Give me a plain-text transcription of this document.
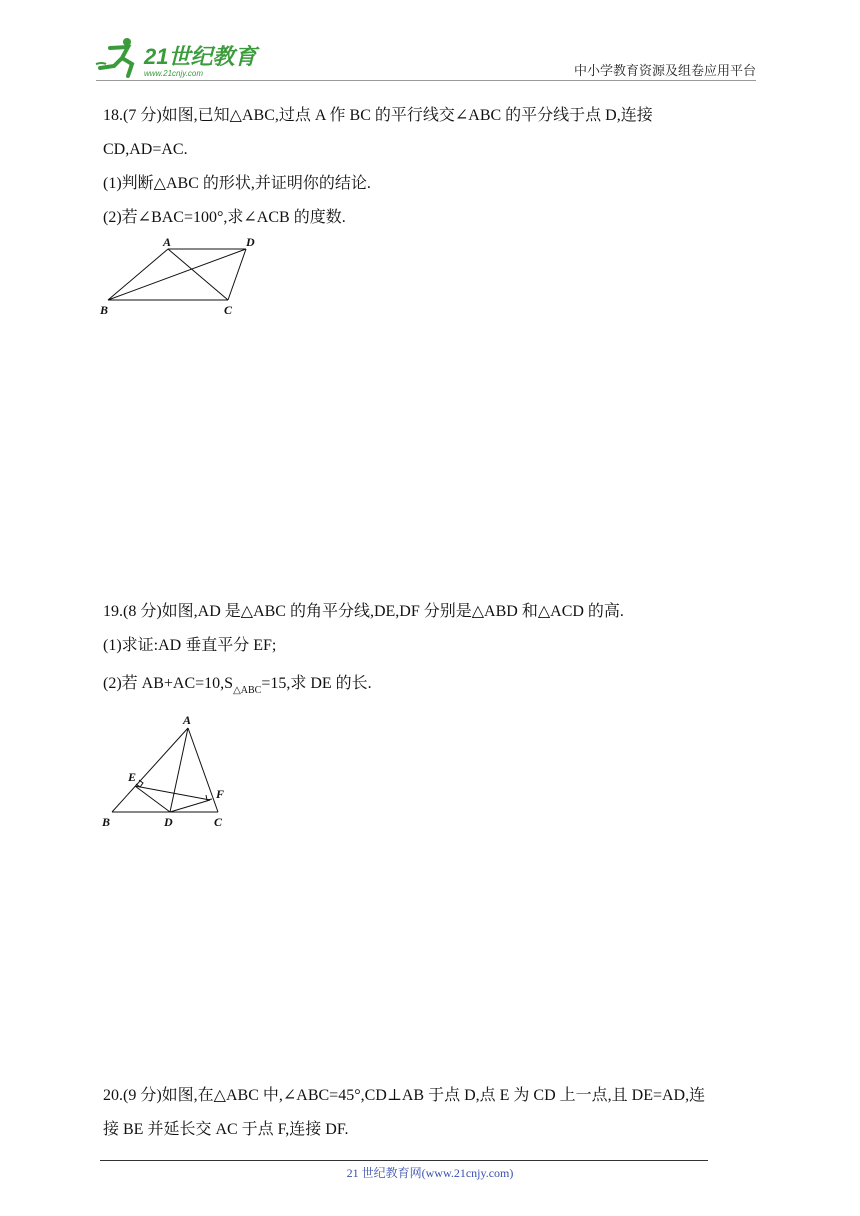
21世纪教育
www.21cnjy.com	中小学教育资源及组卷应用平台
18.(7 分)如图,已知△ABC,过点 A 作 BC 的平行线交∠ABC 的平分线于点 D,连接
CD,AD=AC.
(1)判断△ABC 的形状,并证明你的结论.
(2)若∠BAC=100°,求∠ACB 的度数.
A	D
B	C
19.(8 分)如图,AD 是△ABC 的角平分线,DE,DF 分别是△ABD 和△ACD 的高.
(1)求证:AD 垂直平分 EF;
(2)若 $AB+AC=10,S_{\triangle ABC}=15$,求 DE 的长.
A
E
F
B	D	C
20.(9 分)如图,在△ABC 中,∠ABC=45°,CD⊥AB 于点 D,点 E 为 CD 上一点,且 DE=AD,连
接 BE 并延长交 AC 于点 F,连接 DF.
21 世纪教育网(www.21cnjy.com)
